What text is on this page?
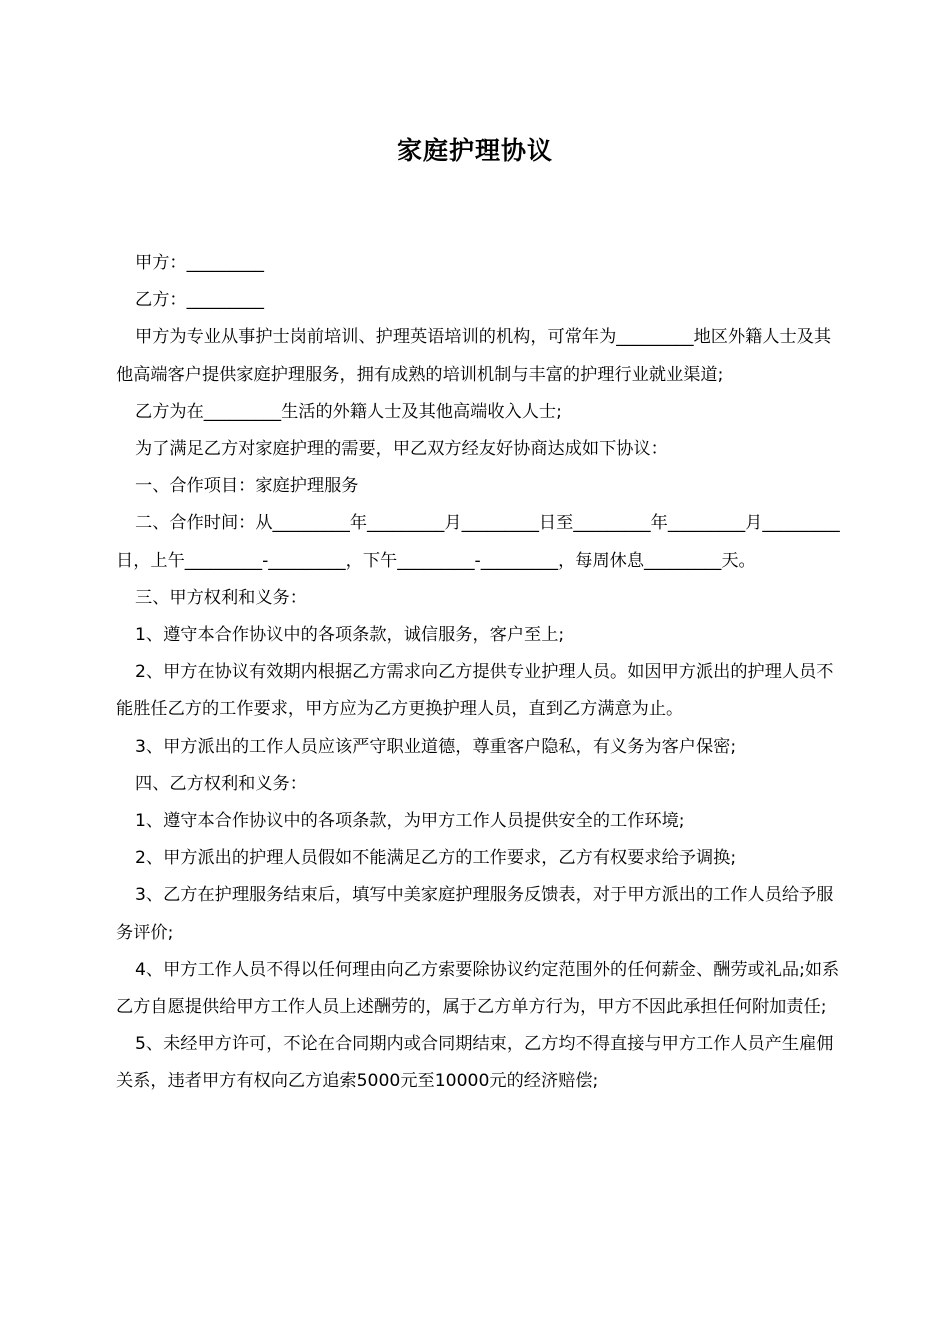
家庭护理协议

甲方：_________

乙方：_________

甲方为专业从事护士岗前培训、护理英语培训的机构，可常年为_________地区外籍人士及其他高端客户提供家庭护理服务，拥有成熟的培训机制与丰富的护理行业就业渠道;

乙方为在_________生活的外籍人士及其他高端收入人士;

为了满足乙方对家庭护理的需要，甲乙双方经友好协商达成如下协议：

一、合作项目：家庭护理服务

二、合作时间：从_________年_________月_________日至_________年_________月_________日，上午_________-_________，下午_________-_________，每周休息_________天。

三、甲方权利和义务：

1、遵守本合作协议中的各项条款，诚信服务，客户至上;

2、甲方在协议有效期内根据乙方需求向乙方提供专业护理人员。如因甲方派出的护理人员不能胜任乙方的工作要求，甲方应为乙方更换护理人员，直到乙方满意为止。

3、甲方派出的工作人员应该严守职业道德，尊重客户隐私，有义务为客户保密;

四、乙方权利和义务：

1、遵守本合作协议中的各项条款，为甲方工作人员提供安全的工作环境;

2、甲方派出的护理人员假如不能满足乙方的工作要求，乙方有权要求给予调换;

3、乙方在护理服务结束后，填写中美家庭护理服务反馈表，对于甲方派出的工作人员给予服务评价;

4、甲方工作人员不得以任何理由向乙方索要除协议约定范围外的任何薪金、酬劳或礼品;如系乙方自愿提供给甲方工作人员上述酬劳的，属于乙方单方行为，甲方不因此承担任何附加责任;

5、未经甲方许可，不论在合同期内或合同期结束，乙方均不得直接与甲方工作人员产生雇佣关系，违者甲方有权向乙方追索5000元至10000元的经济赔偿;
